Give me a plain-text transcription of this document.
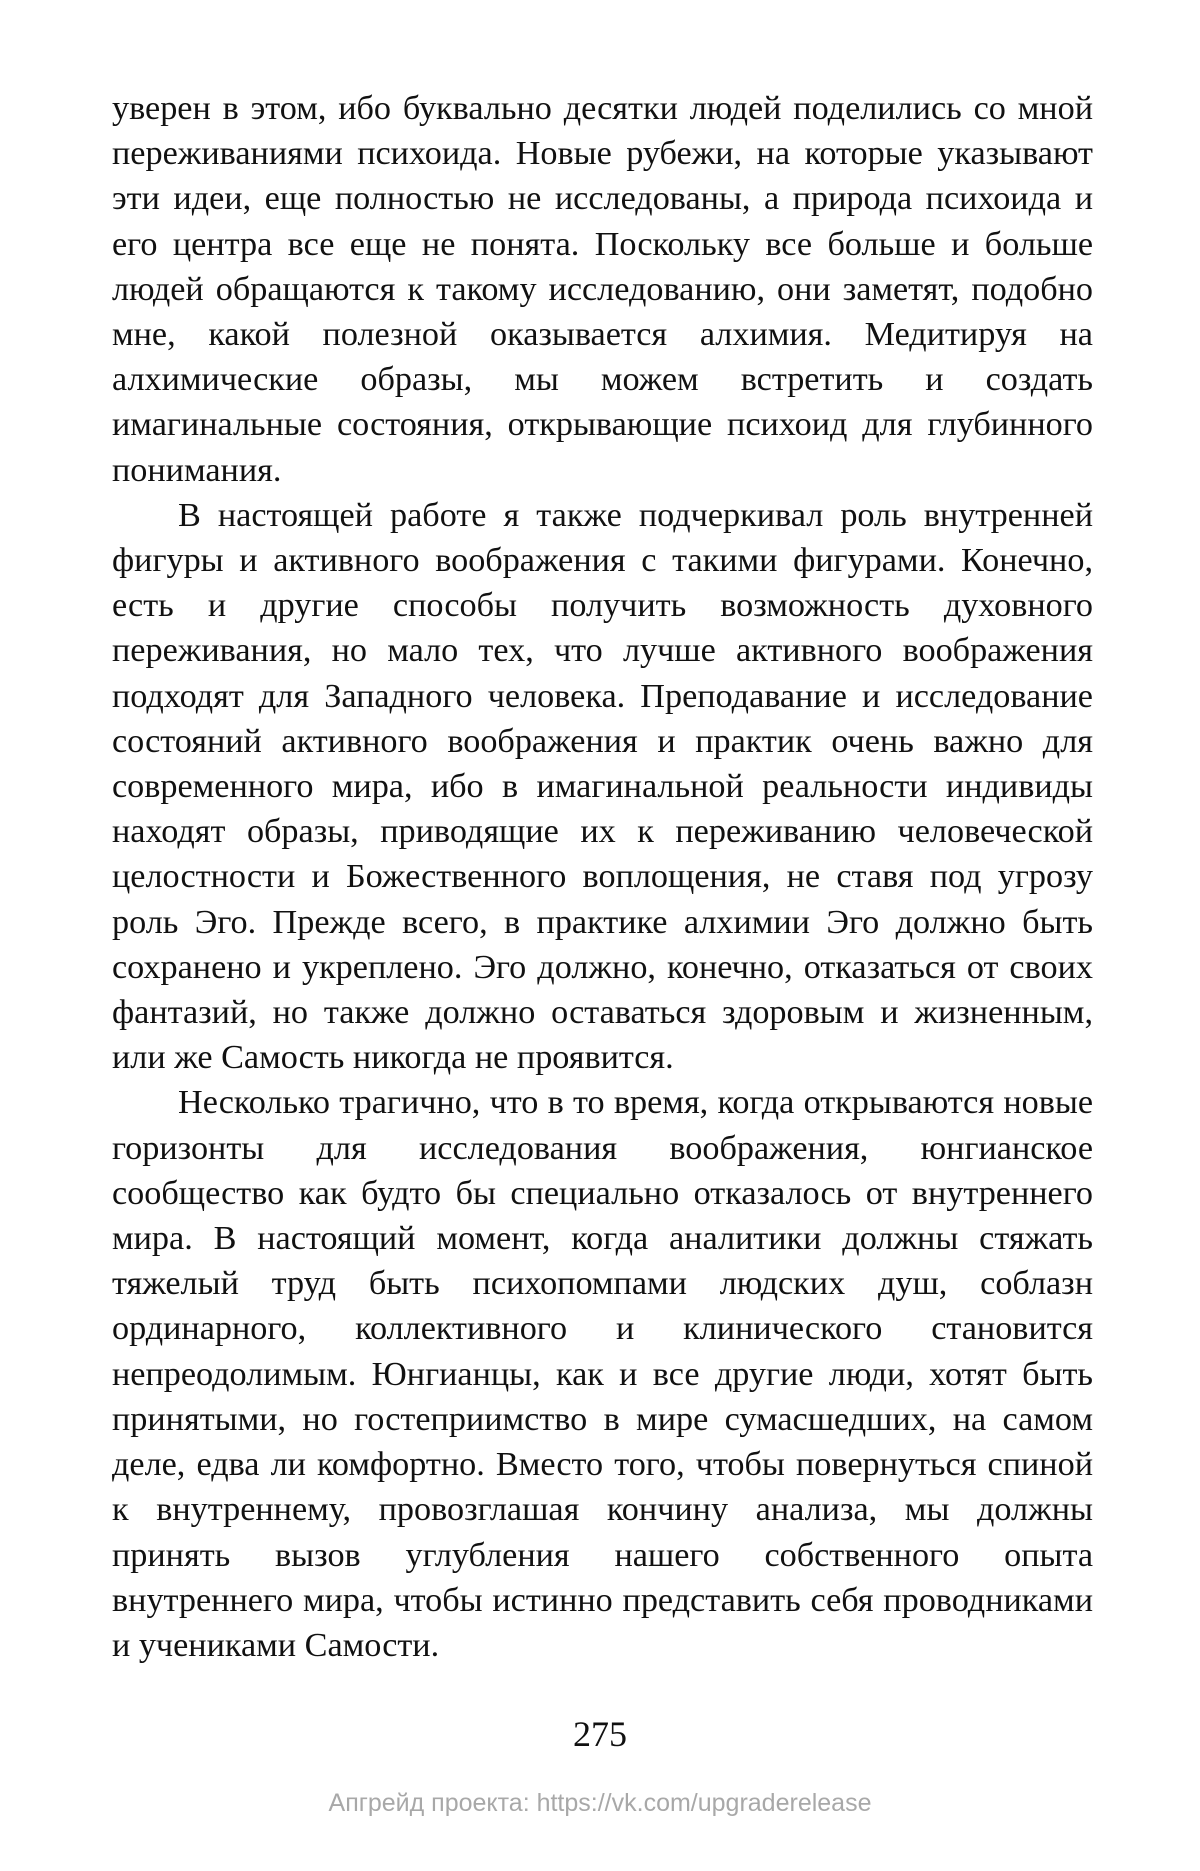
уверен в этом, ибо буквально десятки людей поделились со мной переживаниями психоида. Новые рубежи, на которые указывают эти идеи, еще полностью не исследованы, а природа психоида и его центра все еще не понята. Поскольку все больше и больше людей обращаются к такому исследованию, они заметят, подобно мне, какой полезной оказывается алхимия. Медитируя на алхимические образы, мы можем встретить и создать имагинальные состояния, открывающие психоид для глубинного понимания.

В настоящей работе я также подчеркивал роль внутренней фигуры и активного воображения с такими фигурами. Конечно, есть и другие способы получить возможность духовного переживания, но мало тех, что лучше активного воображения подходят для Западного человека. Преподавание и исследование состояний активного воображения и практик очень важно для современного мира, ибо в имагинальной реальности индивиды находят образы, приводящие их к переживанию человеческой целостности и Божественного воплощения, не ставя под угрозу роль Эго. Прежде всего, в практике алхимии Эго должно быть сохранено и укреплено. Эго должно, конечно, отказаться от своих фантазий, но также должно оставаться здоровым и жизненным, или же Самость никогда не проявится.

Несколько трагично, что в то время, когда открываются новые горизонты для исследования воображения, юнгианское сообщество как будто бы специально отказалось от внутреннего мира. В настоящий момент, когда аналитики должны стяжать тяжелый труд быть психопомпами людских душ, соблазн ординарного, коллективного и клинического становится непреодолимым. Юнгианцы, как и все другие люди, хотят быть принятыми, но гостеприимство в мире сумасшедших, на самом деле, едва ли комфортно. Вместо того, чтобы повернуться спиной к внутреннему, провозглашая кончину анализа, мы должны принять вызов углубления нашего собственного опыта внутреннего мира, чтобы истинно представить себя проводниками и учениками Самости.

275
Апгрейд проекта: https://vk.com/upgraderelease
